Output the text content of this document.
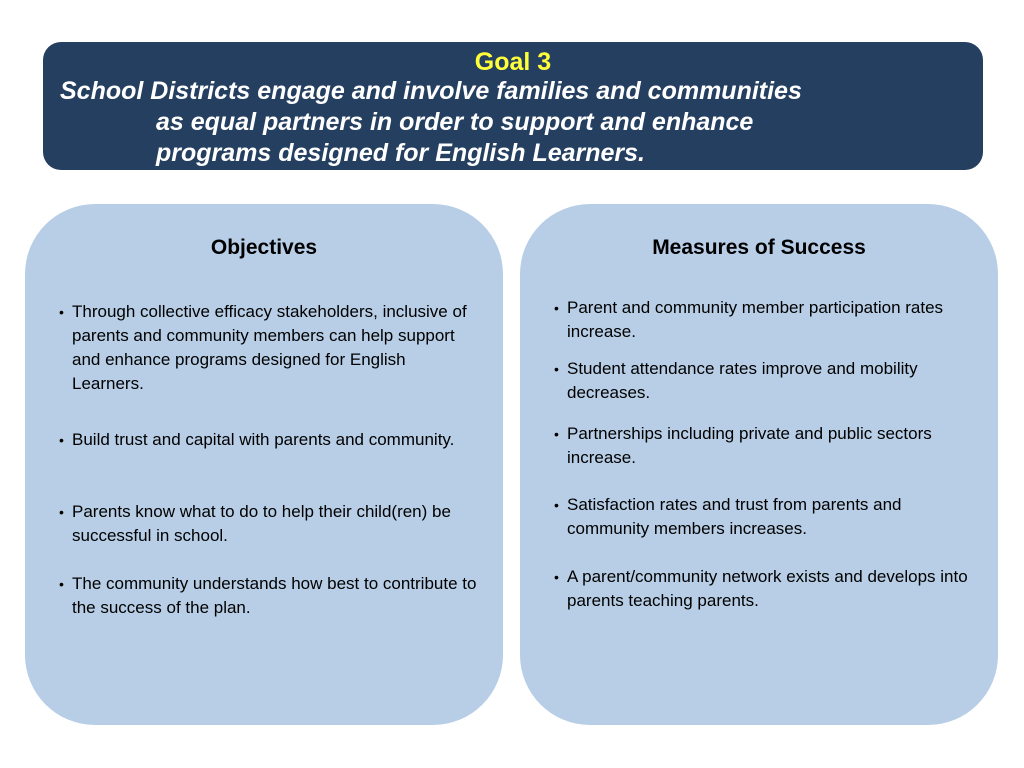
Goal 3
School Districts engage and involve families and communities
as equal partners in order to support and enhance
programs designed for English Learners.
Objectives
• Through collective efficacy stakeholders, inclusive of parents and community members can help support and enhance programs designed for English Learners.
• Build trust and capital with parents and community.
• Parents know what to do to help their child(ren) be successful in school.
• The community understands how best to contribute to the success of the plan.
Measures of Success
• Parent and community member participation rates increase.
• Student attendance rates improve and mobility decreases.
• Partnerships including private and public sectors increase.
• Satisfaction rates and trust from parents and community members increases.
• A parent/community network exists and develops into parents teaching parents.
